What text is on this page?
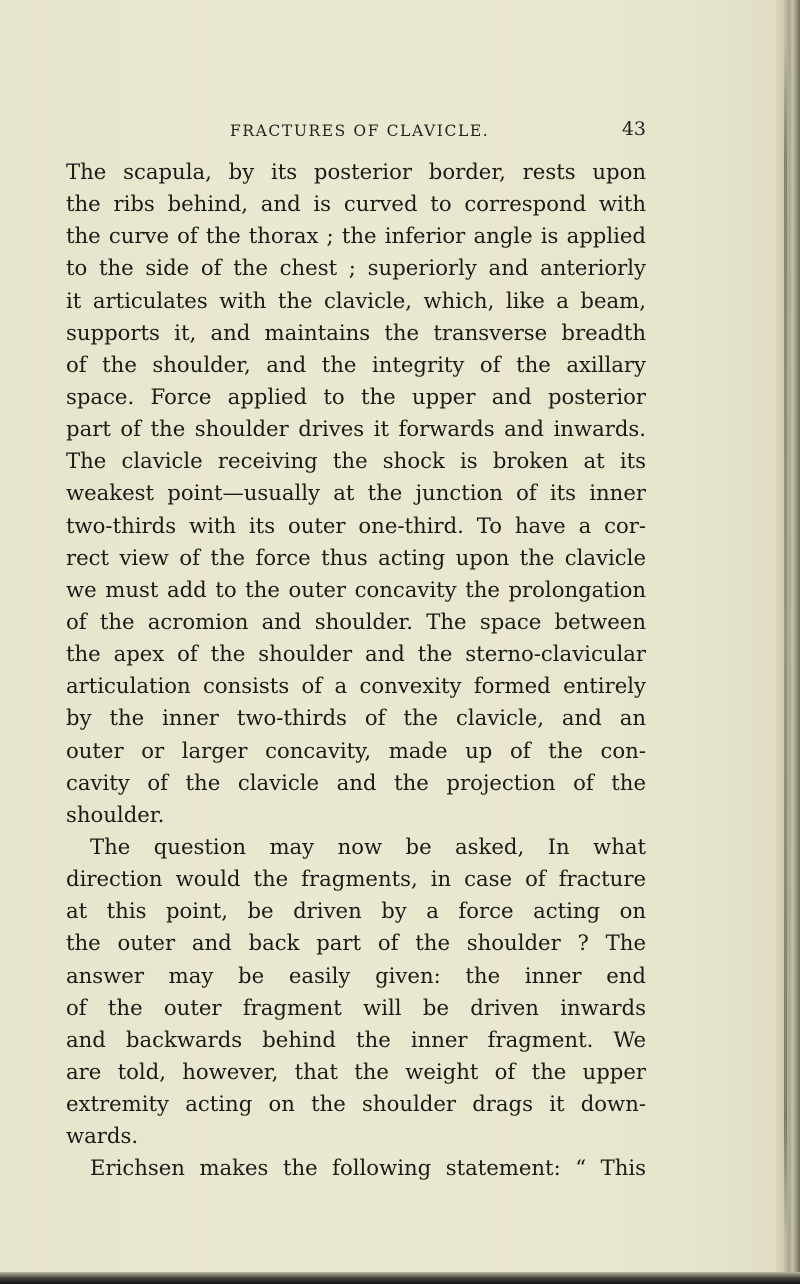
FRACTURES OF CLAVICLE.	43
The scapula, by its posterior border, rests upon
the ribs behind, and is curved to correspond with
the curve of the thorax ; the inferior angle is applied
to the side of the chest ; superiorly and anteriorly
it articulates with the clavicle, which, like a beam,
supports it, and maintains the transverse breadth
of the shoulder, and the integrity of the axillary
space. Force applied to the upper and posterior
part of the shoulder drives it forwards and inwards.
The clavicle receiving the shock is broken at its
weakest point—usually at the junction of its inner
two-thirds with its outer one-third. To have a cor-
rect view of the force thus acting upon the clavicle
we must add to the outer concavity the prolongation
of the acromion and shoulder. The space between
the apex of the shoulder and the sterno-clavicular
articulation consists of a convexity formed entirely
by the inner two-thirds of the clavicle, and an
outer or larger concavity, made up of the con-
cavity of the clavicle and the projection of the
shoulder.
The question may now be asked, In what
direction would the fragments, in case of fracture
at this point, be driven by a force acting on
the outer and back part of the shoulder ? The
answer may be easily given: the inner end
of the outer fragment will be driven inwards
and backwards behind the inner fragment. We
are told, however, that the weight of the upper
extremity acting on the shoulder drags it down-
wards.
Erichsen makes the following statement: “ This
